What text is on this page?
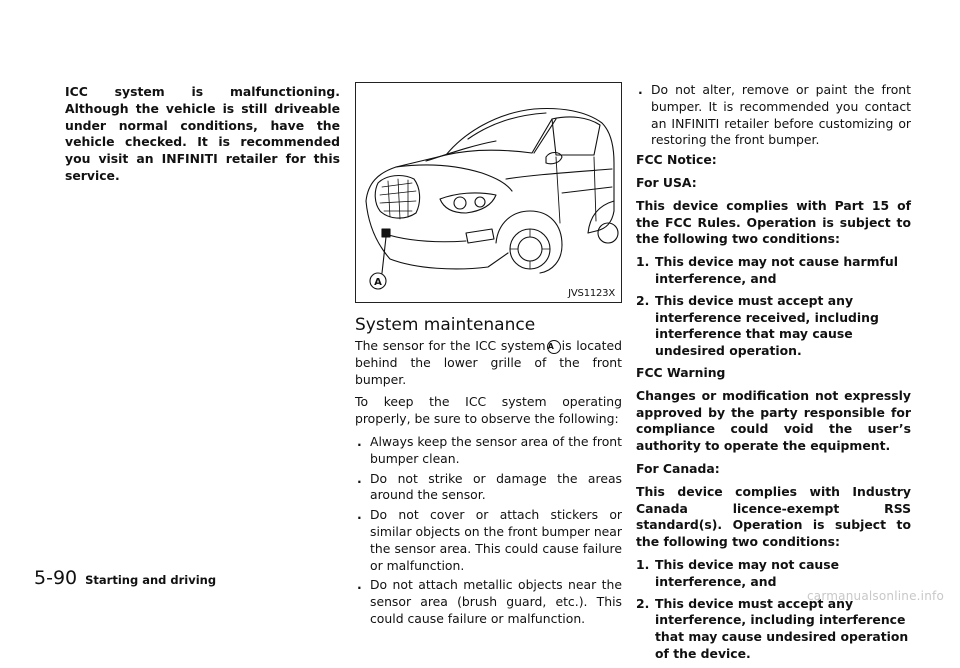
ICC system is malfunctioning. Although the vehicle is still driveable under normal conditions, have the vehicle checked. It is recommended you visit an INFINITI retailer for this service.

A
JVS1123X
System maintenance

The sensor for the ICC system A is located behind the lower grille of the front bumper.

To keep the ICC system operating properly, be sure to observe the following:

. Always keep the sensor area of the front bumper clean.
. Do not strike or damage the areas around the sensor.
. Do not cover or attach stickers or similar objects on the front bumper near the sensor area. This could cause failure or malfunction.
. Do not attach metallic objects near the sensor area (brush guard, etc.). This could cause failure or malfunction.
. Do not alter, remove or paint the front bumper. It is recommended you contact an INFINITI retailer before customizing or restoring the front bumper.

FCC Notice:

For USA:

This device complies with Part 15 of the FCC Rules. Operation is subject to the following two conditions:

1. This device may not cause harmful interference, and
2. This device must accept any interference received, including interference that may cause undesired operation.

FCC Warning

Changes or modification not expressly approved by the party responsible for compliance could void the user’s authority to operate the equipment.

For Canada:

This device complies with Industry Canada licence-exempt RSS standard(s). Operation is subject to the following two conditions:

1. This device may not cause interference, and
2. This device must accept any interference, including interference that may cause undesired operation of the device.
5-90 Starting and driving
carmanualsonline.info
